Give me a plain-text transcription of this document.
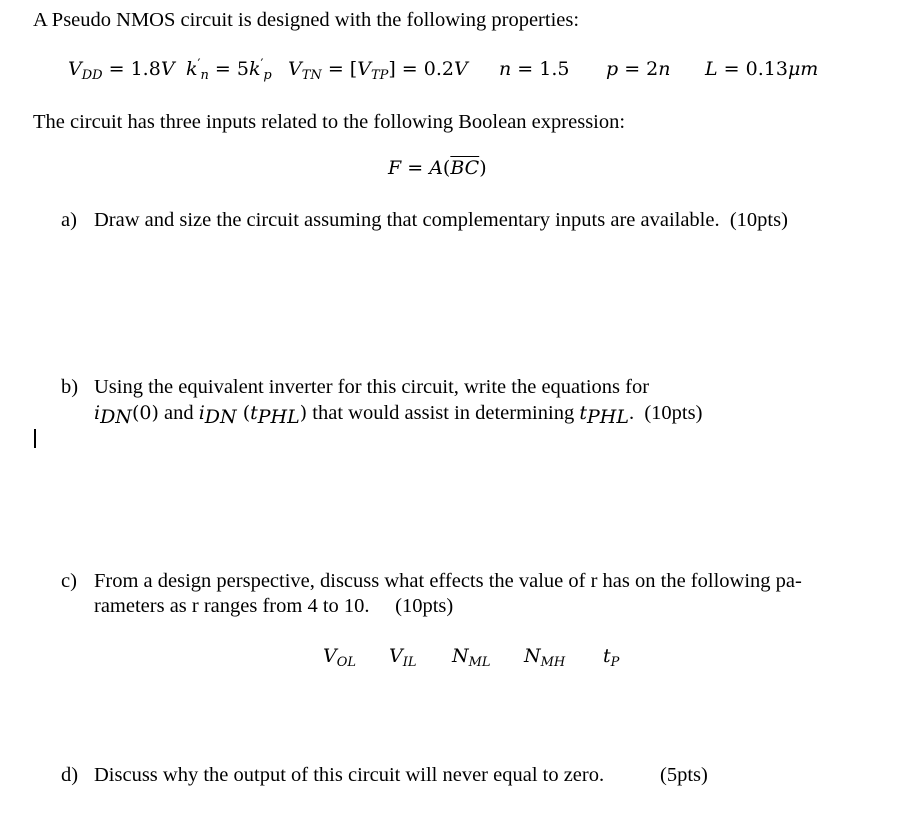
A Pseudo NMOS circuit is designed with the following properties:
$V_{DD} = 1.8V$ $k'_n = 5k'_p$ $V_{TN} = [V_{TP}] = 0.2V$ n = 1.5 p = 2n L = 0.13μm
The circuit has three inputs related to the following Boolean expression:
$F = A(\overline{BC})$
a) Draw and size the circuit assuming that complementary inputs are available. (10pts)
b) Using the equivalent inverter for this circuit, write the equations for
$i_{DN}(0)$ and $i_{DN}$ $(t_{PHL})$ that would assist in determining $t_{PHL}$. (10pts)
c) From a design perspective, discuss what effects the value of r has on the following pa-
rameters as r ranges from 4 to 10. (10pts)
$V_{OL}$ $V_{IL}$ $N_{ML}$ $N_{MH}$ $t_P$
d) Discuss why the output of this circuit will never equal to zero.	(5pts)
